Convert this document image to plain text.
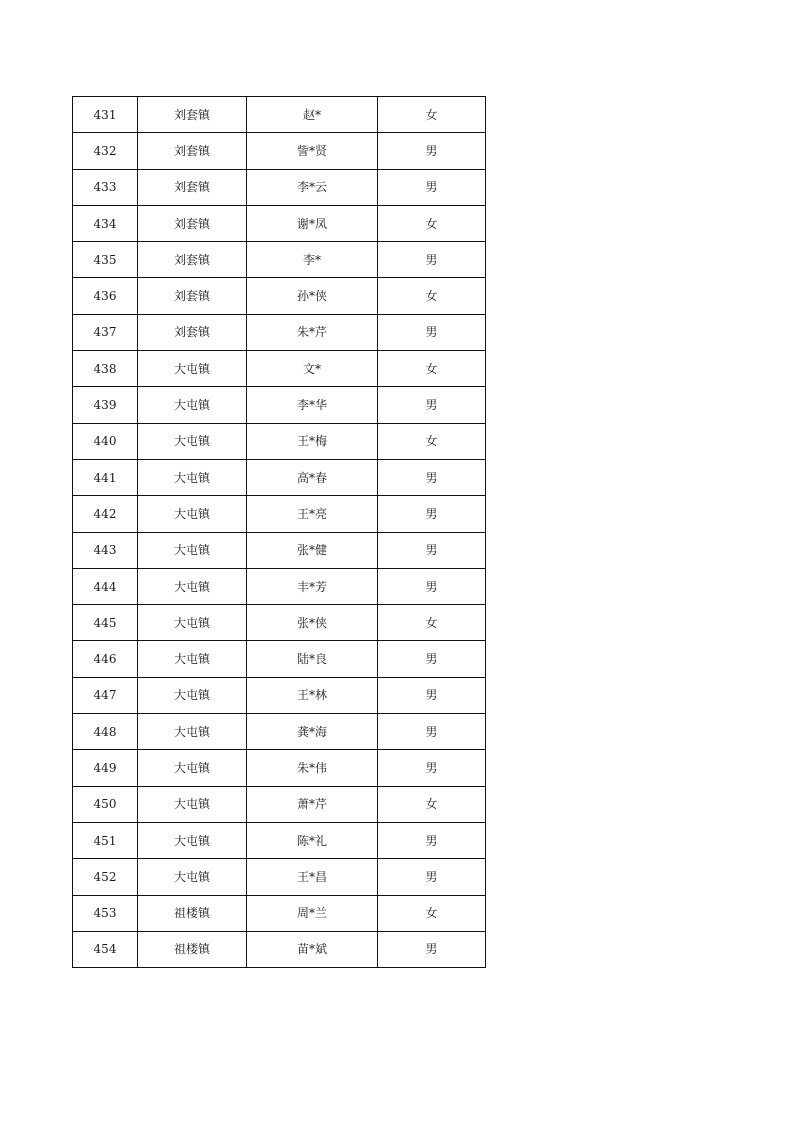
431	刘套镇	赵*	女
432	刘套镇	訾*贤	男
433	刘套镇	李*云	男
434	刘套镇	谢*凤	女
435	刘套镇	李*	男
436	刘套镇	孙*侠	女
437	刘套镇	朱*芹	男
438	大屯镇	文*	女
439	大屯镇	李*华	男
440	大屯镇	王*梅	女
441	大屯镇	高*春	男
442	大屯镇	王*亮	男
443	大屯镇	张*健	男
444	大屯镇	丰*芳	男
445	大屯镇	张*侠	女
446	大屯镇	陆*良	男
447	大屯镇	王*林	男
448	大屯镇	龚*海	男
449	大屯镇	朱*伟	男
450	大屯镇	萧*芹	女
451	大屯镇	陈*礼	男
452	大屯镇	王*昌	男
453	祖楼镇	周*兰	女
454	祖楼镇	苗*斌	男
